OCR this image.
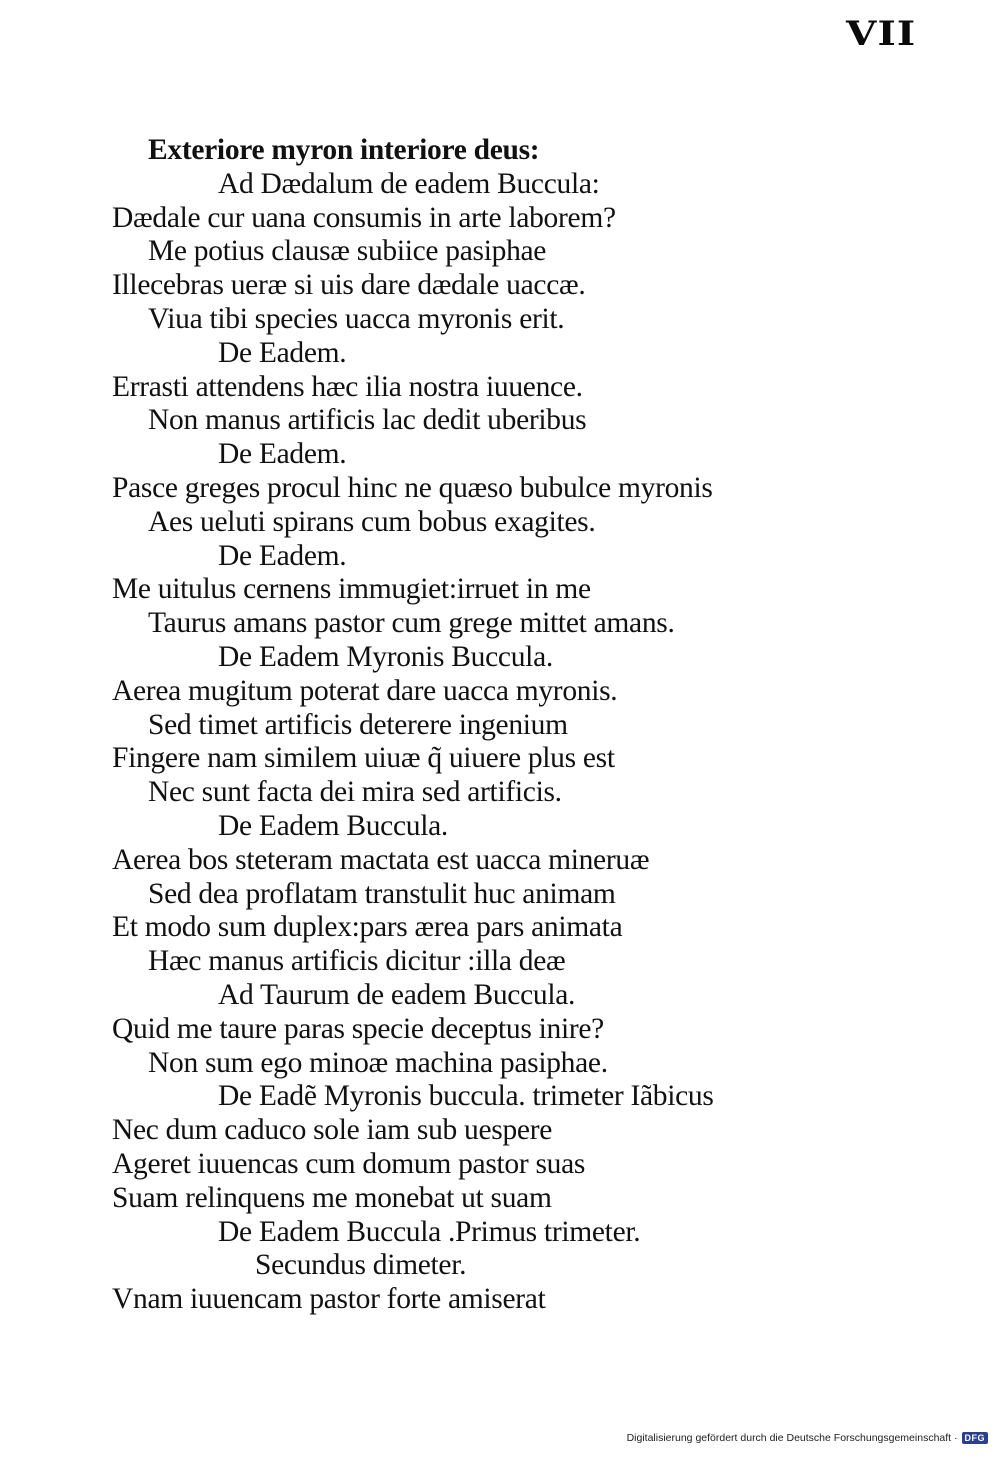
VII
Exteriore myron interiore deus:
Ad Dædalum de eadem Buccula:
Dædale cur uana consumis in arte laborem?
Me potius clausæ subiice pasiphae
Illecebras ueræ si uis dare dædale uaccæ.
Viua tibi species uacca myronis erit.
De Eadem.
Errasti attendens hæc ilia nostra iuuence.
Non manus artificis lac dedit uberibus
De Eadem.
Pasce greges procul hinc ne quæso bubulce myronis
Aes ueluti spirans cum bobus exagites.
De Eadem.
Me uitulus cernens immugiet:irruet in me
Taurus amans pastor cum grege mittet amans.
De Eadem Myronis Buccula.
Aerea mugitum poterat dare uacca myronis.
Sed timet artificis deterere ingenium
Fingere nam similem uiuæ q̃ uiuere plus est
Nec sunt facta dei mira sed artificis.
De Eadem Buccula.
Aerea bos steteram mactata est uacca mineruæ
Sed dea proflatam transtulit huc animam
Et modo sum duplex:pars ærea pars animata
Hæc manus artificis dicitur :illa deæ
Ad Taurum de eadem Buccula.
Quid me taure paras specie deceptus inire?
Non sum ego minoæ machina pasiphae.
De Eadẽ Myronis buccula. trimeter Iãbicus
Nec dum caduco sole iam sub uespere
Ageret iuuencas cum domum pastor suas
Suam relinquens me monebat ut suam
De Eadem Buccula .Primus trimeter.
Secundus dimeter.
Vnam iuuencam pastor forte amiserat
Digitalisierung gefördert durch die Deutsche Forschungsgemeinschaft · DFG
